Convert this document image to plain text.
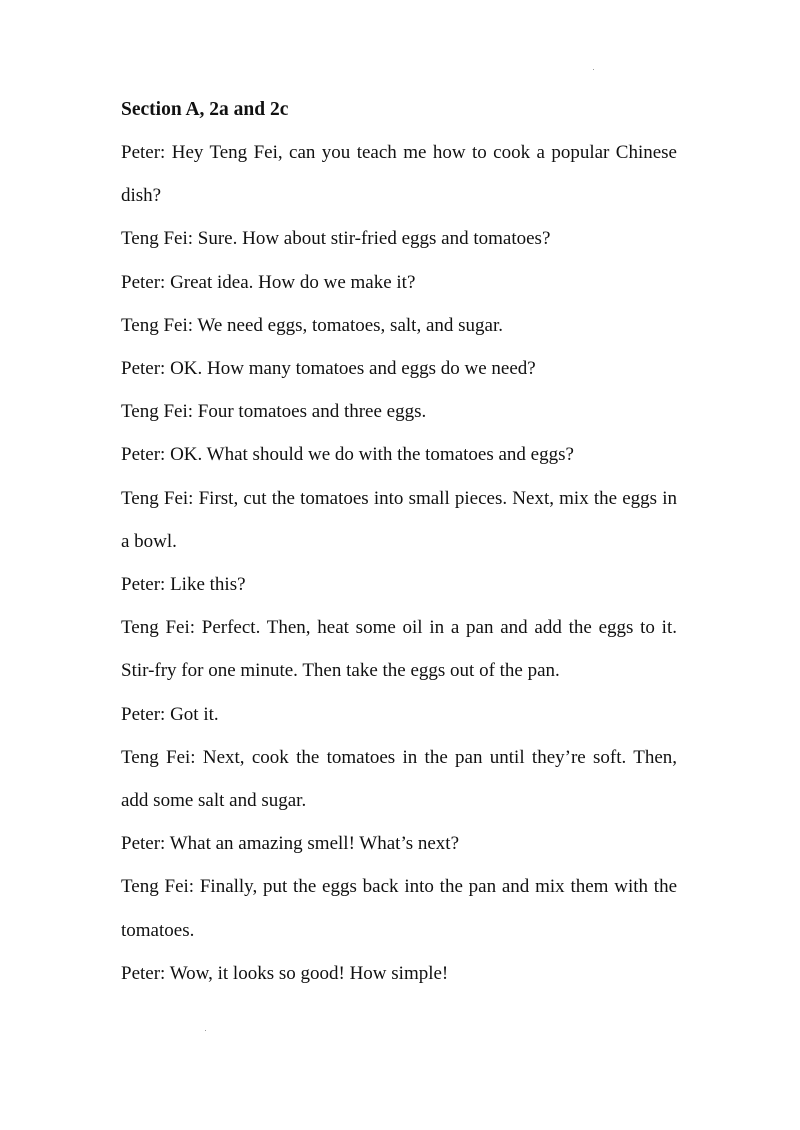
Section A, 2a and 2c

Peter: Hey Teng Fei, can you teach me how to cook a popular Chinese dish?

Teng Fei: Sure. How about stir-fried eggs and tomatoes?

Peter: Great idea. How do we make it?

Teng Fei: We need eggs, tomatoes, salt, and sugar.

Peter: OK. How many tomatoes and eggs do we need?

Teng Fei: Four tomatoes and three eggs.

Peter: OK. What should we do with the tomatoes and eggs?

Teng Fei: First, cut the tomatoes into small pieces. Next, mix the eggs in a bowl.

Peter: Like this?

Teng Fei: Perfect. Then, heat some oil in a pan and add the eggs to it. Stir-fry for one minute. Then take the eggs out of the pan.

Peter: Got it.

Teng Fei: Next, cook the tomatoes in the pan until they’re soft. Then, add some salt and sugar.

Peter: What an amazing smell! What’s next?

Teng Fei: Finally, put the eggs back into the pan and mix them with the tomatoes.

Peter: Wow, it looks so good! How simple!
